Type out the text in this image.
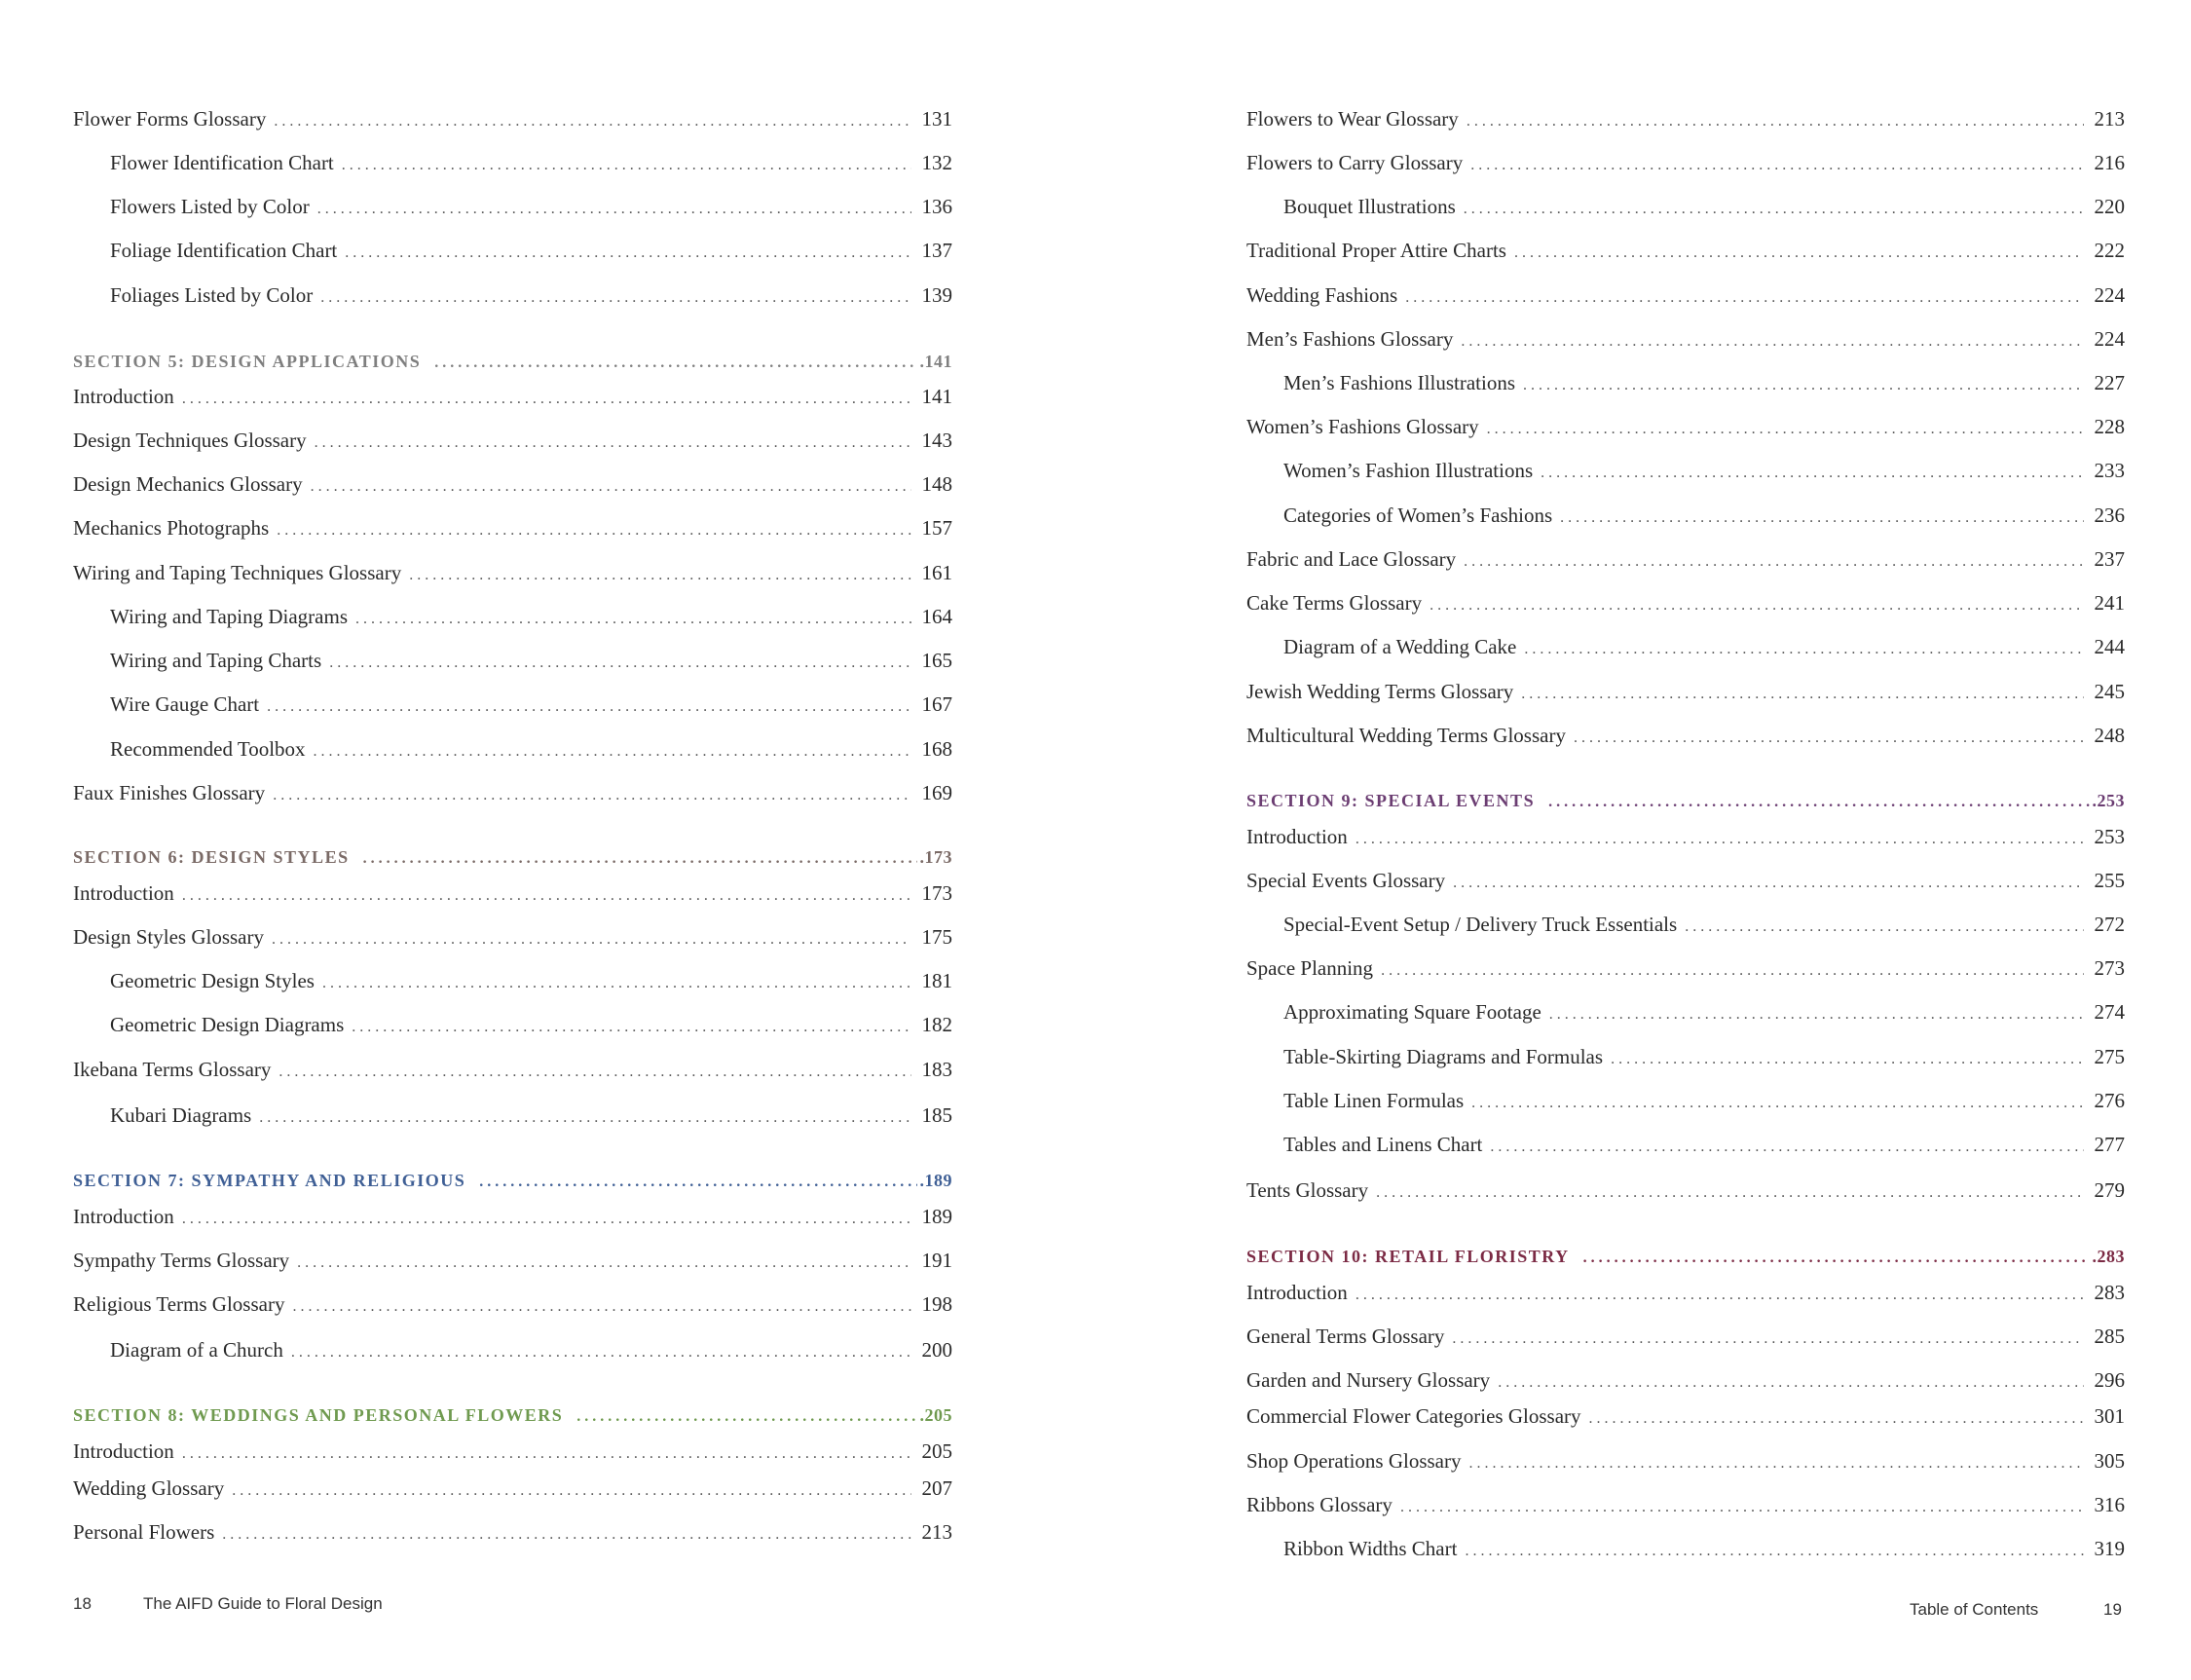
Flower Forms Glossary .....	131
Flower Identification Chart .....	132
Flowers Listed by Color .....	136
Foliage Identification Chart .....	137
Foliages Listed by Color .....	139
SECTION 5: DESIGN APPLICATIONS .....	.141
Introduction .....	141
Design Techniques Glossary .....	143
Design Mechanics Glossary .....	148
Mechanics Photographs .....	157
Wiring and Taping Techniques Glossary .....	161
Wiring and Taping Diagrams .....	164
Wiring and Taping Charts .....	165
Wire Gauge Chart .....	167
Recommended Toolbox .....	168
Faux Finishes Glossary .....	169
SECTION 6: DESIGN STYLES .....	.173
Introduction .....	173
Design Styles Glossary .....	175
Geometric Design Styles .....	181
Geometric Design Diagrams .....	182
Ikebana Terms Glossary .....	183
Kubari Diagrams .....	185
SECTION 7: SYMPATHY AND RELIGIOUS .....	.189
Introduction .....	189
Sympathy Terms Glossary .....	191
Religious Terms Glossary .....	198
Diagram of a Church .....	200
SECTION 8: WEDDINGS AND PERSONAL FLOWERS .....	.205
Introduction .....	205
Wedding Glossary .....	207
Personal Flowers .....	213
18	The AIFD Guide to Floral Design
Flowers to Wear Glossary .....	213
Flowers to Carry Glossary .....	216
Bouquet Illustrations .....	220
Traditional Proper Attire Charts .....	222
Wedding Fashions .....	224
Men’s Fashions Glossary .....	224
Men’s Fashions Illustrations .....	227
Women’s Fashions Glossary .....	228
Women’s Fashion Illustrations .....	233
Categories of Women’s Fashions .....	236
Fabric and Lace Glossary .....	237
Cake Terms Glossary .....	241
Diagram of a Wedding Cake .....	244
Jewish Wedding Terms Glossary .....	245
Multicultural Wedding Terms Glossary .....	248
SECTION 9: SPECIAL EVENTS .....	.253
Introduction .....	253
Special Events Glossary .....	255
Special-Event Setup / Delivery Truck Essentials .....	272
Space Planning .....	273
Approximating Square Footage .....	274
Table-Skirting Diagrams and Formulas .....	275
Table Linen Formulas .....	276
Tables and Linens Chart .....	277
Tents Glossary .....	279
SECTION 10: RETAIL FLORISTRY .....	.283
Introduction .....	283
General Terms Glossary .....	285
Garden and Nursery Glossary .....	296
Commercial Flower Categories Glossary .....	301
Shop Operations Glossary .....	305
Ribbons Glossary .....	316
Ribbon Widths Chart .....	319
Table of Contents	19
